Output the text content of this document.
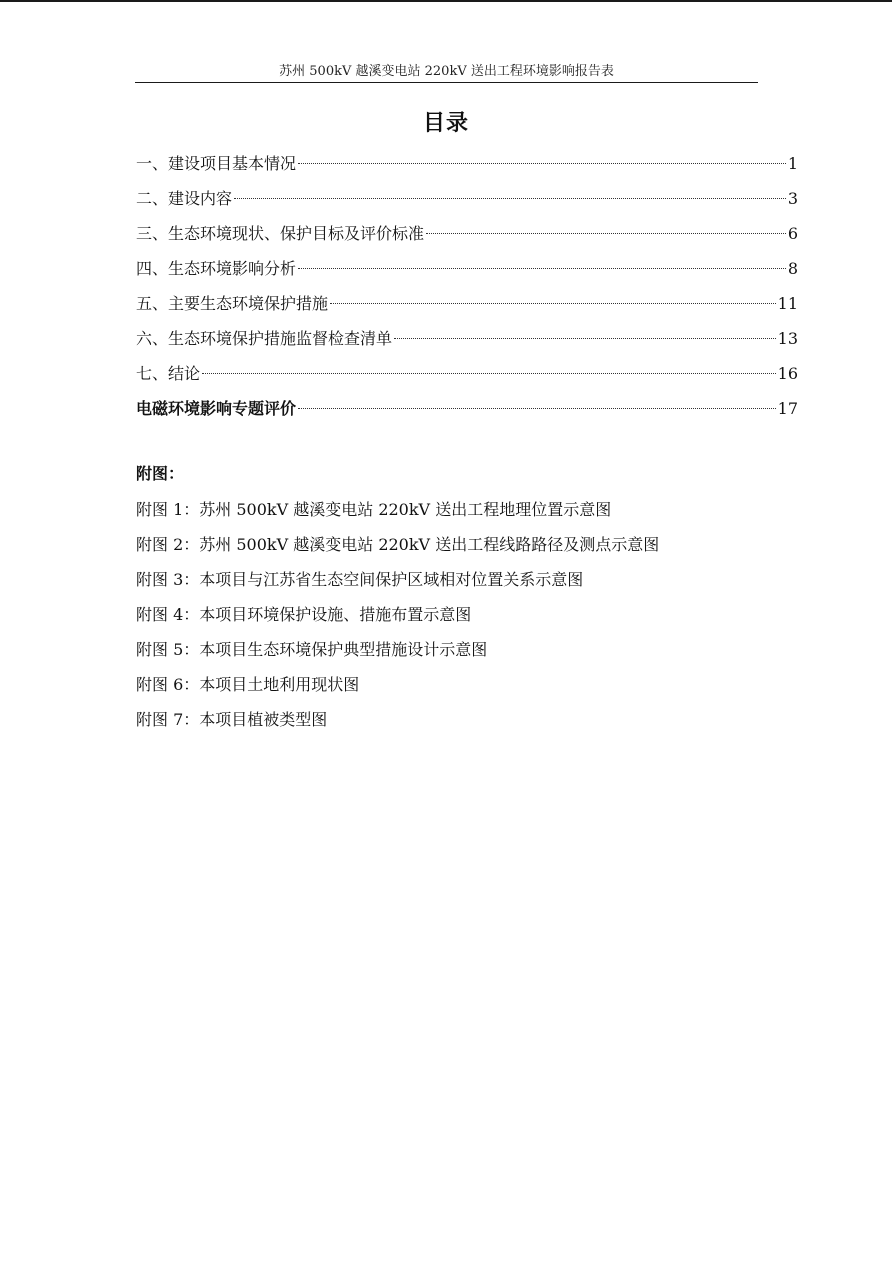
苏州 500kV 越溪变电站 220kV 送出工程环境影响报告表
目录
一、建设项目基本情况	1
二、建设内容	3
三、生态环境现状、保护目标及评价标准	6
四、生态环境影响分析	8
五、主要生态环境保护措施	11
六、生态环境保护措施监督检查清单	13
七、结论	16
电磁环境影响专题评价	17
附图：
附图 1：苏州 500kV 越溪变电站 220kV 送出工程地理位置示意图
附图 2：苏州 500kV 越溪变电站 220kV 送出工程线路路径及测点示意图
附图 3：本项目与江苏省生态空间保护区域相对位置关系示意图
附图 4：本项目环境保护设施、措施布置示意图
附图 5：本项目生态环境保护典型措施设计示意图
附图 6：本项目土地利用现状图
附图 7：本项目植被类型图
